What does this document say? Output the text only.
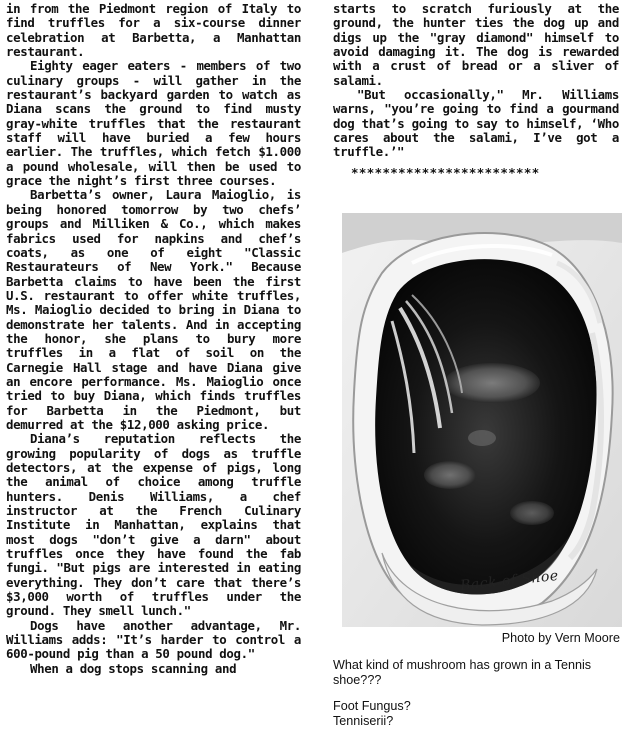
in from the Piedmont region of Italy to find truffles for a six-course dinner celebration at Barbetta, a Manhattan restaurant.

Eighty eager eaters - members of two culinary groups - will gather in the restaurant’s backyard garden to watch as Diana scans the ground to find musty gray-white truffles that the restaurant staff will have buried a few hours earlier. The truffles, which fetch $1.000 a pound wholesale, will then be used to grace the night’s first three courses.

Barbetta’s owner, Laura Maioglio, is being honored tomorrow by two chefs’ groups and Milliken & Co., which makes fabrics used for napkins and chef’s coats, as one of eight "Classic Restaurateurs of New York." Because Barbetta claims to have been the first U.S. restaurant to offer white truffles, Ms. Maioglio decided to bring in Diana to demonstrate her talents. And in accepting the honor, she plans to bury more truffles in a flat of soil on the Carnegie Hall stage and have Diana give an encore performance. Ms. Maioglio once tried to buy Diana, which finds truffles for Barbetta in the Piedmont, but demurred at the $12,000 asking price.

Diana’s reputation reflects the growing popularity of dogs as truffle detectors, at the expense of pigs, long the animal of choice among truffle hunters. Denis Williams, a chef instructor at the French Culinary Institute in Manhattan, explains that most dogs "don’t give a darn" about truffles once they have found the fab fungi. "But pigs are interested in eating everything. They don’t care that there’s $3,000 worth of truffles under the ground. They smell lunch."

Dogs have another advantage, Mr. Williams adds: "It’s harder to control a 600-pound pig than a 50 pound dog."

When a dog stops scanning and

starts to scratch furiously at the ground, the hunter ties the dog up and digs up the "gray diamond" himself to avoid damaging it. The dog is rewarded with a crust of bread or a sliver of salami.

"But occasionally," Mr. Williams warns, "you’re going to find a gourmand dog that’s going to say to himself, ‘Who cares about the salami, I’ve got a truffle.’"

************************
Back of Shoe
Photo by Vern Moore

What kind of mushroom has grown in a Tennis shoe???

Foot Fungus?

Tenniserii?
